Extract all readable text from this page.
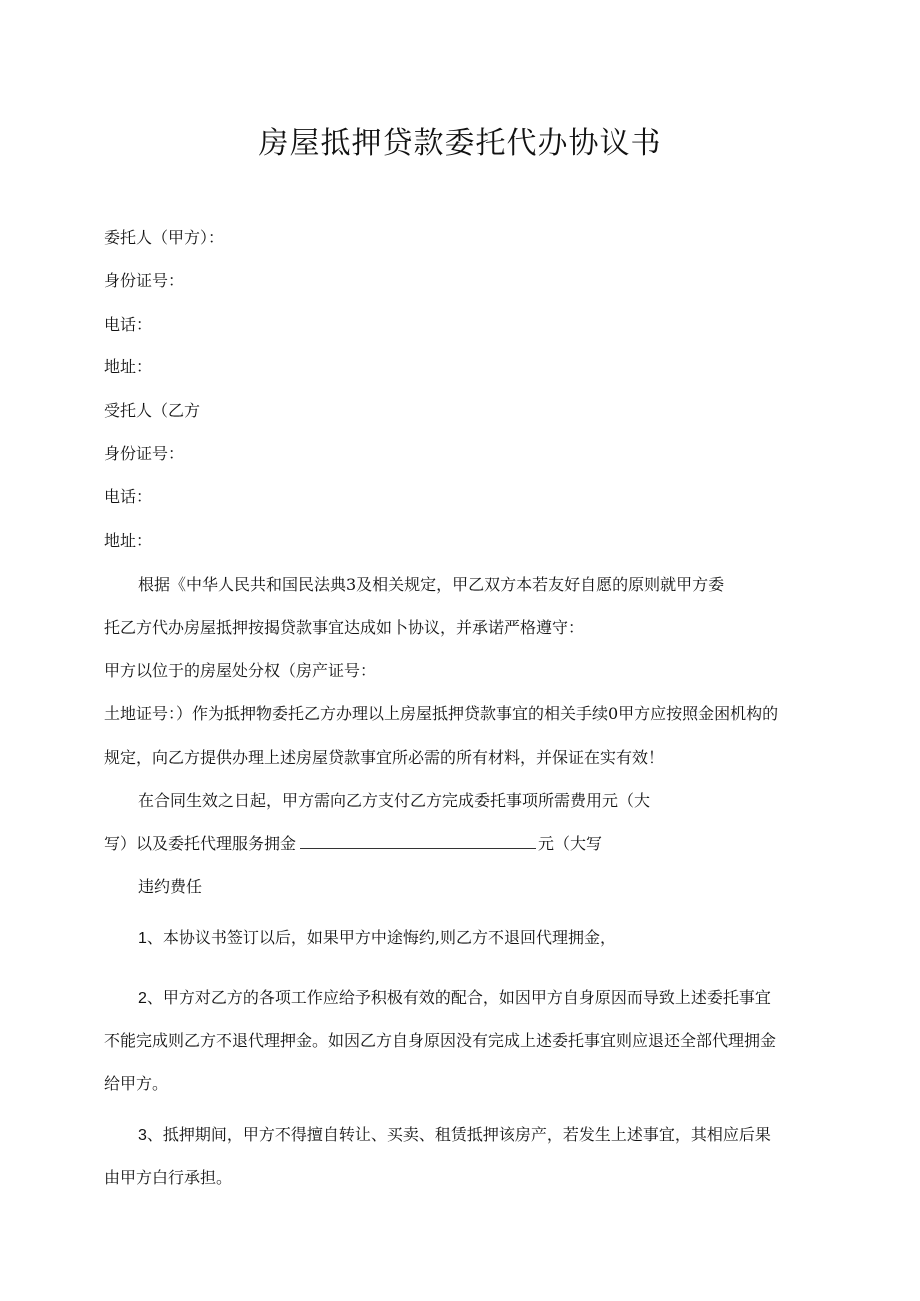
房屋抵押贷款委托代办协议书
委托人（甲方）：
身份证号：
电话：
地址：
受托人（乙方
身份证号：
电话：
地址：
根据《中华人民共和国民法典3及相关规定，甲乙双方本若友好自愿的原则就甲方委
托乙方代办房屋抵押按揭贷款事宜达成如卜协议，并承诺严格遵守：
甲方以位于的房屋处分权（房产证号：
土地证号：）作为抵押物委托乙方办理以上房屋抵押贷款事宜的相关手续0甲方应按照金困机构的
规定，向乙方提供办理上述房屋贷款事宜所必需的所有材料，并保证在实有效！
在合同生效之日起，甲方需向乙方支付乙方完成委托事项所需费用元（大
写）以及委托代理服务拥金	元（大写
违约费任
1、本协议书签订以后，如果甲方中途悔约,则乙方不退回代理拥金，
2、甲方对乙方的各项工作应给予积极有效的配合，如因甲方自身原因而导致上述委托事宜
不能完成则乙方不退代理押金。如因乙方自身原因没有完成上述委托事宜则应退还全部代理拥金
给甲方。
3、抵押期间，甲方不得擅自转让、买卖、租赁抵押该房产，若发生上述事宜，其相应后果
由甲方白行承担。
